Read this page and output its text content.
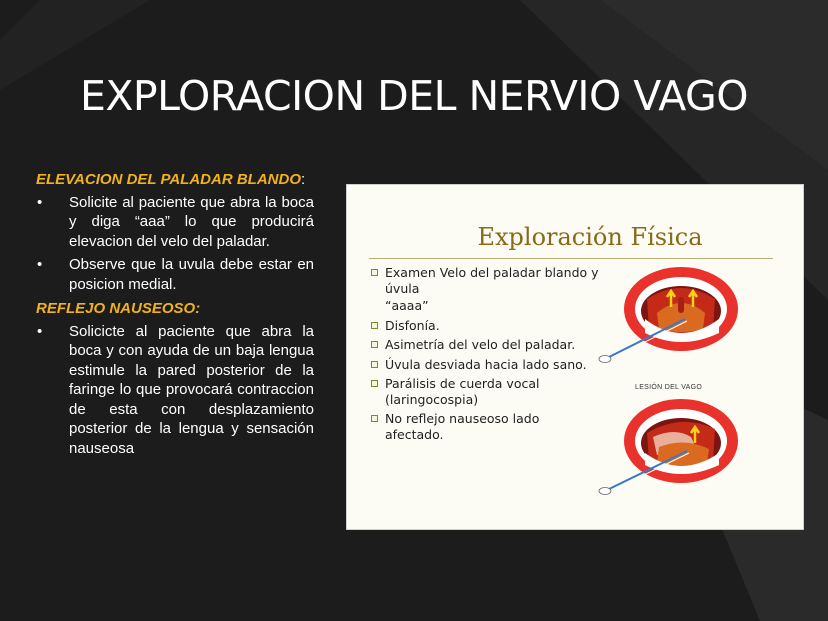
EXPLORACION DEL NERVIO VAGO
ELEVACION DEL PALADAR BLANDO:
• Solicite al paciente que abra la boca y diga “aaa” lo que producirá elevacion del velo del paladar.
• Observe que la uvula debe estar en posicion medial.
REFLEJO NAUSEOSO:
• Solicicte al paciente que abra la boca y con ayuda de un baja lengua estimule la pared posterior de la faringe lo que provocará contraccion de esta con desplazamiento posterior de la lengua y sensación nauseosa
Exploración Física
Examen Velo del paladar blando y úvula
“aaaa”
Disfonía.
Asimetría del velo del paladar.
Úvula desviada hacia lado sano.
Parálisis de cuerda vocal (laringocospia)
No reflejo nauseoso lado afectado.
LESIÓN DEL VAGO
